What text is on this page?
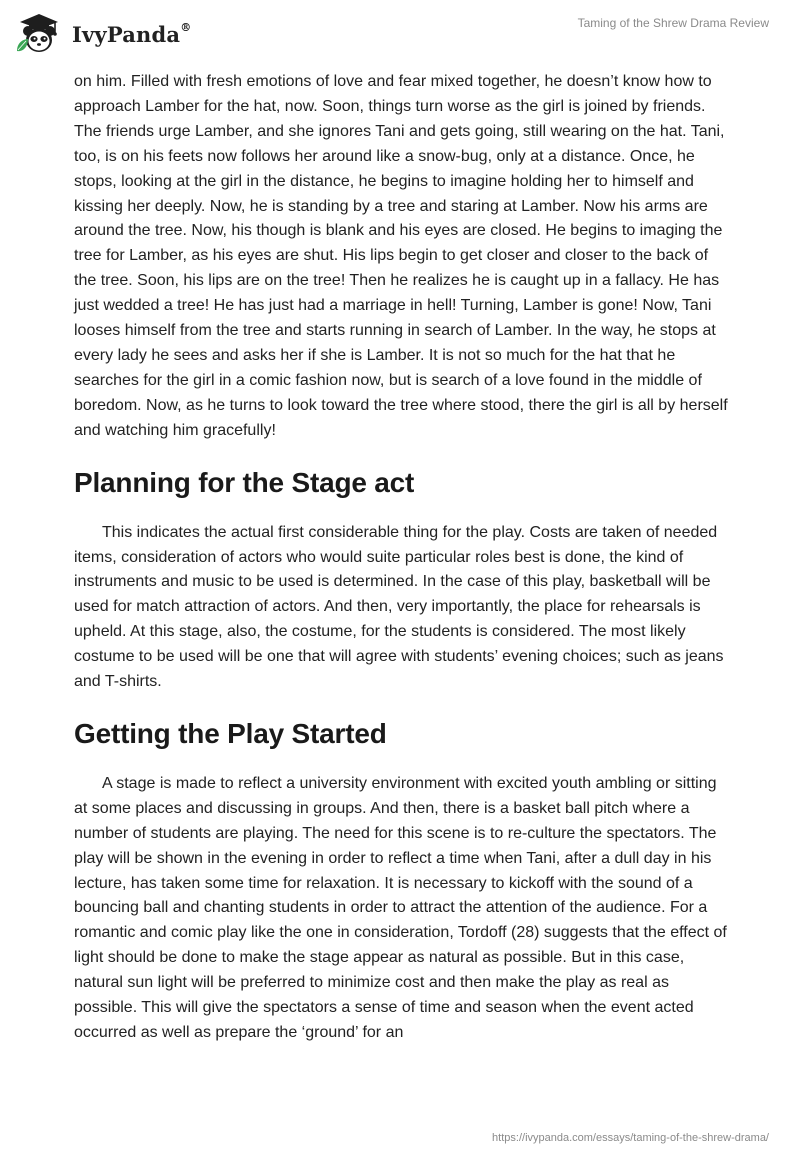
IvyPanda®	Taming of the Shrew Drama Review

on him. Filled with fresh emotions of love and fear mixed together, he doesn’t know how to approach Lamber for the hat, now. Soon, things turn worse as the girl is joined by friends. The friends urge Lamber, and she ignores Tani and gets going, still wearing on the hat. Tani, too, is on his feets now follows her around like a snow-bug, only at a distance. Once, he stops, looking at the girl in the distance, he begins to imagine holding her to himself and kissing her deeply. Now, he is standing by a tree and staring at Lamber. Now his arms are around the tree. Now, his though is blank and his eyes are closed. He begins to imaging the tree for Lamber, as his eyes are shut. His lips begin to get closer and closer to the back of the tree. Soon, his lips are on the tree! Then he realizes he is caught up in a fallacy. He has just wedded a tree! He has just had a marriage in hell! Turning, Lamber is gone! Now, Tani looses himself from the tree and starts running in search of Lamber. In the way, he stops at every lady he sees and asks her if she is Lamber. It is not so much for the hat that he searches for the girl in a comic fashion now, but is search of a love found in the middle of boredom. Now, as he turns to look toward the tree where stood, there the girl is all by herself and watching him gracefully!

Planning for the Stage act

This indicates the actual first considerable thing for the play. Costs are taken of needed items, consideration of actors who would suite particular roles best is done, the kind of instruments and music to be used is determined. In the case of this play, basketball will be used for match attraction of actors. And then, very importantly, the place for rehearsals is upheld. At this stage, also, the costume, for the students is considered. The most likely costume to be used will be one that will agree with students’ evening choices; such as jeans and T-shirts.

Getting the Play Started

A stage is made to reflect a university environment with excited youth ambling or sitting at some places and discussing in groups. And then, there is a basket ball pitch where a number of students are playing. The need for this scene is to re-culture the spectators. The play will be shown in the evening in order to reflect a time when Tani, after a dull day in his lecture, has taken some time for relaxation. It is necessary to kickoff with the sound of a bouncing ball and chanting students in order to attract the attention of the audience. For a romantic and comic play like the one in consideration, Tordoff (28) suggests that the effect of light should be done to make the stage appear as natural as possible. But in this case, natural sun light will be preferred to minimize cost and then make the play as real as possible. This will give the spectators a sense of time and season when the event acted occurred as well as prepare the ‘ground’ for an

https://ivypanda.com/essays/taming-of-the-shrew-drama/
